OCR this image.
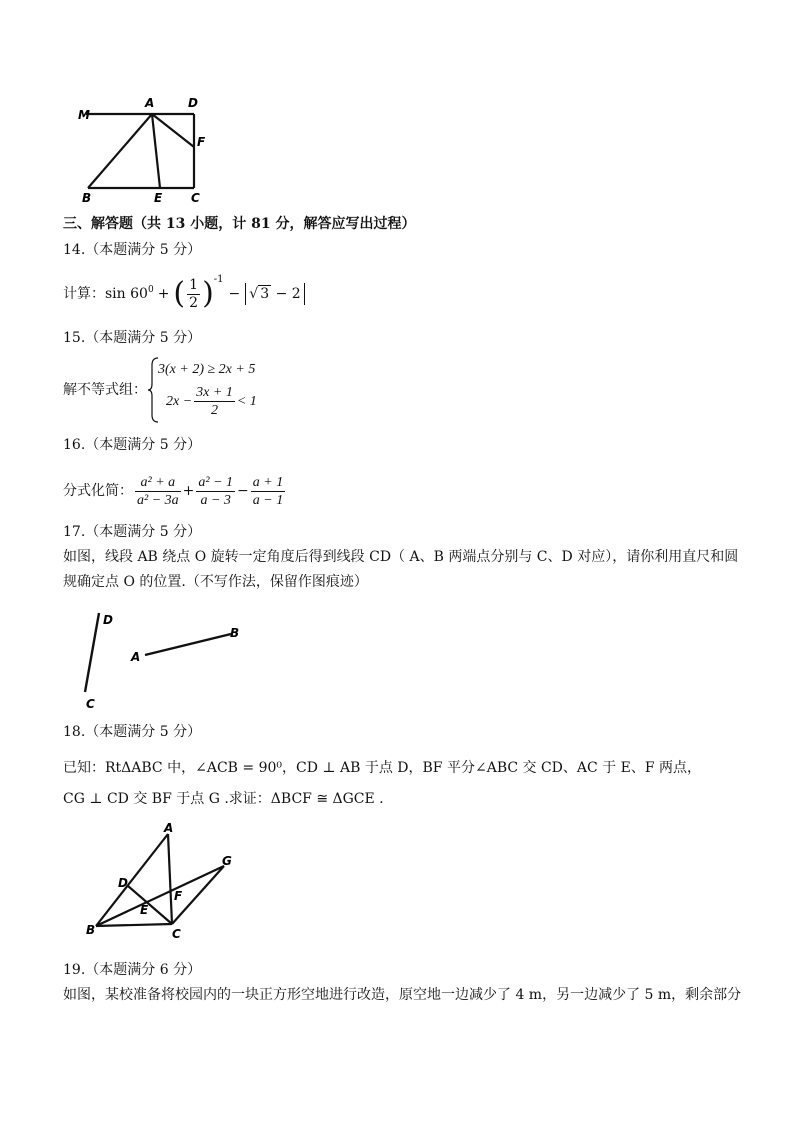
M
A	D
F
B	E C
三、解答题（共 13 小题，计 81 分，解答应写出过程）
14.（本题满分 5 分）
计算： $\sin 60^0$ + ( $\frac{1}{2} )^{-1}$
− √ 3 − 2
15.（本题满分 5 分）
解不等式组：
3(x + 2) ≥ 2x + 5
$2x - \frac{3x + 1}{2} < 1$
16.（本题满分 5 分）
分式化简： $\frac{\text{a² + a}}{\text{a² − 3a}} + \frac{\text{a² − 1}}{a - 3} - \frac{a + 1}{a - 1}$
17.（本题满分 5 分）
如图，线段 AB 绕点 O 旋转一定角度后得到线段 CD（ A、B 两端点分别与 C、D 对应），请你利用直尺和圆
规确定点 O 的位置.（不写作法，保留作图痕迹）
D
C
A
B
18.（本题满分 5 分）
已知：RtΔABC 中，∠ACB = 90⁰，CD ⊥ AB 于点 D，BF 平分∠ABC 交 CD、AC 于 E、F 两点，
CG ⊥ CD 交 BF 于点 G .求证：ΔBCF ≅ ΔGCE .
A
G
D
F
E
B	C
19.（本题满分 6 分）
如图，某校准备将校园内的一块正方形空地进行改造，原空地一边减少了 4 m，另一边减少了 5 m，剩余部分
